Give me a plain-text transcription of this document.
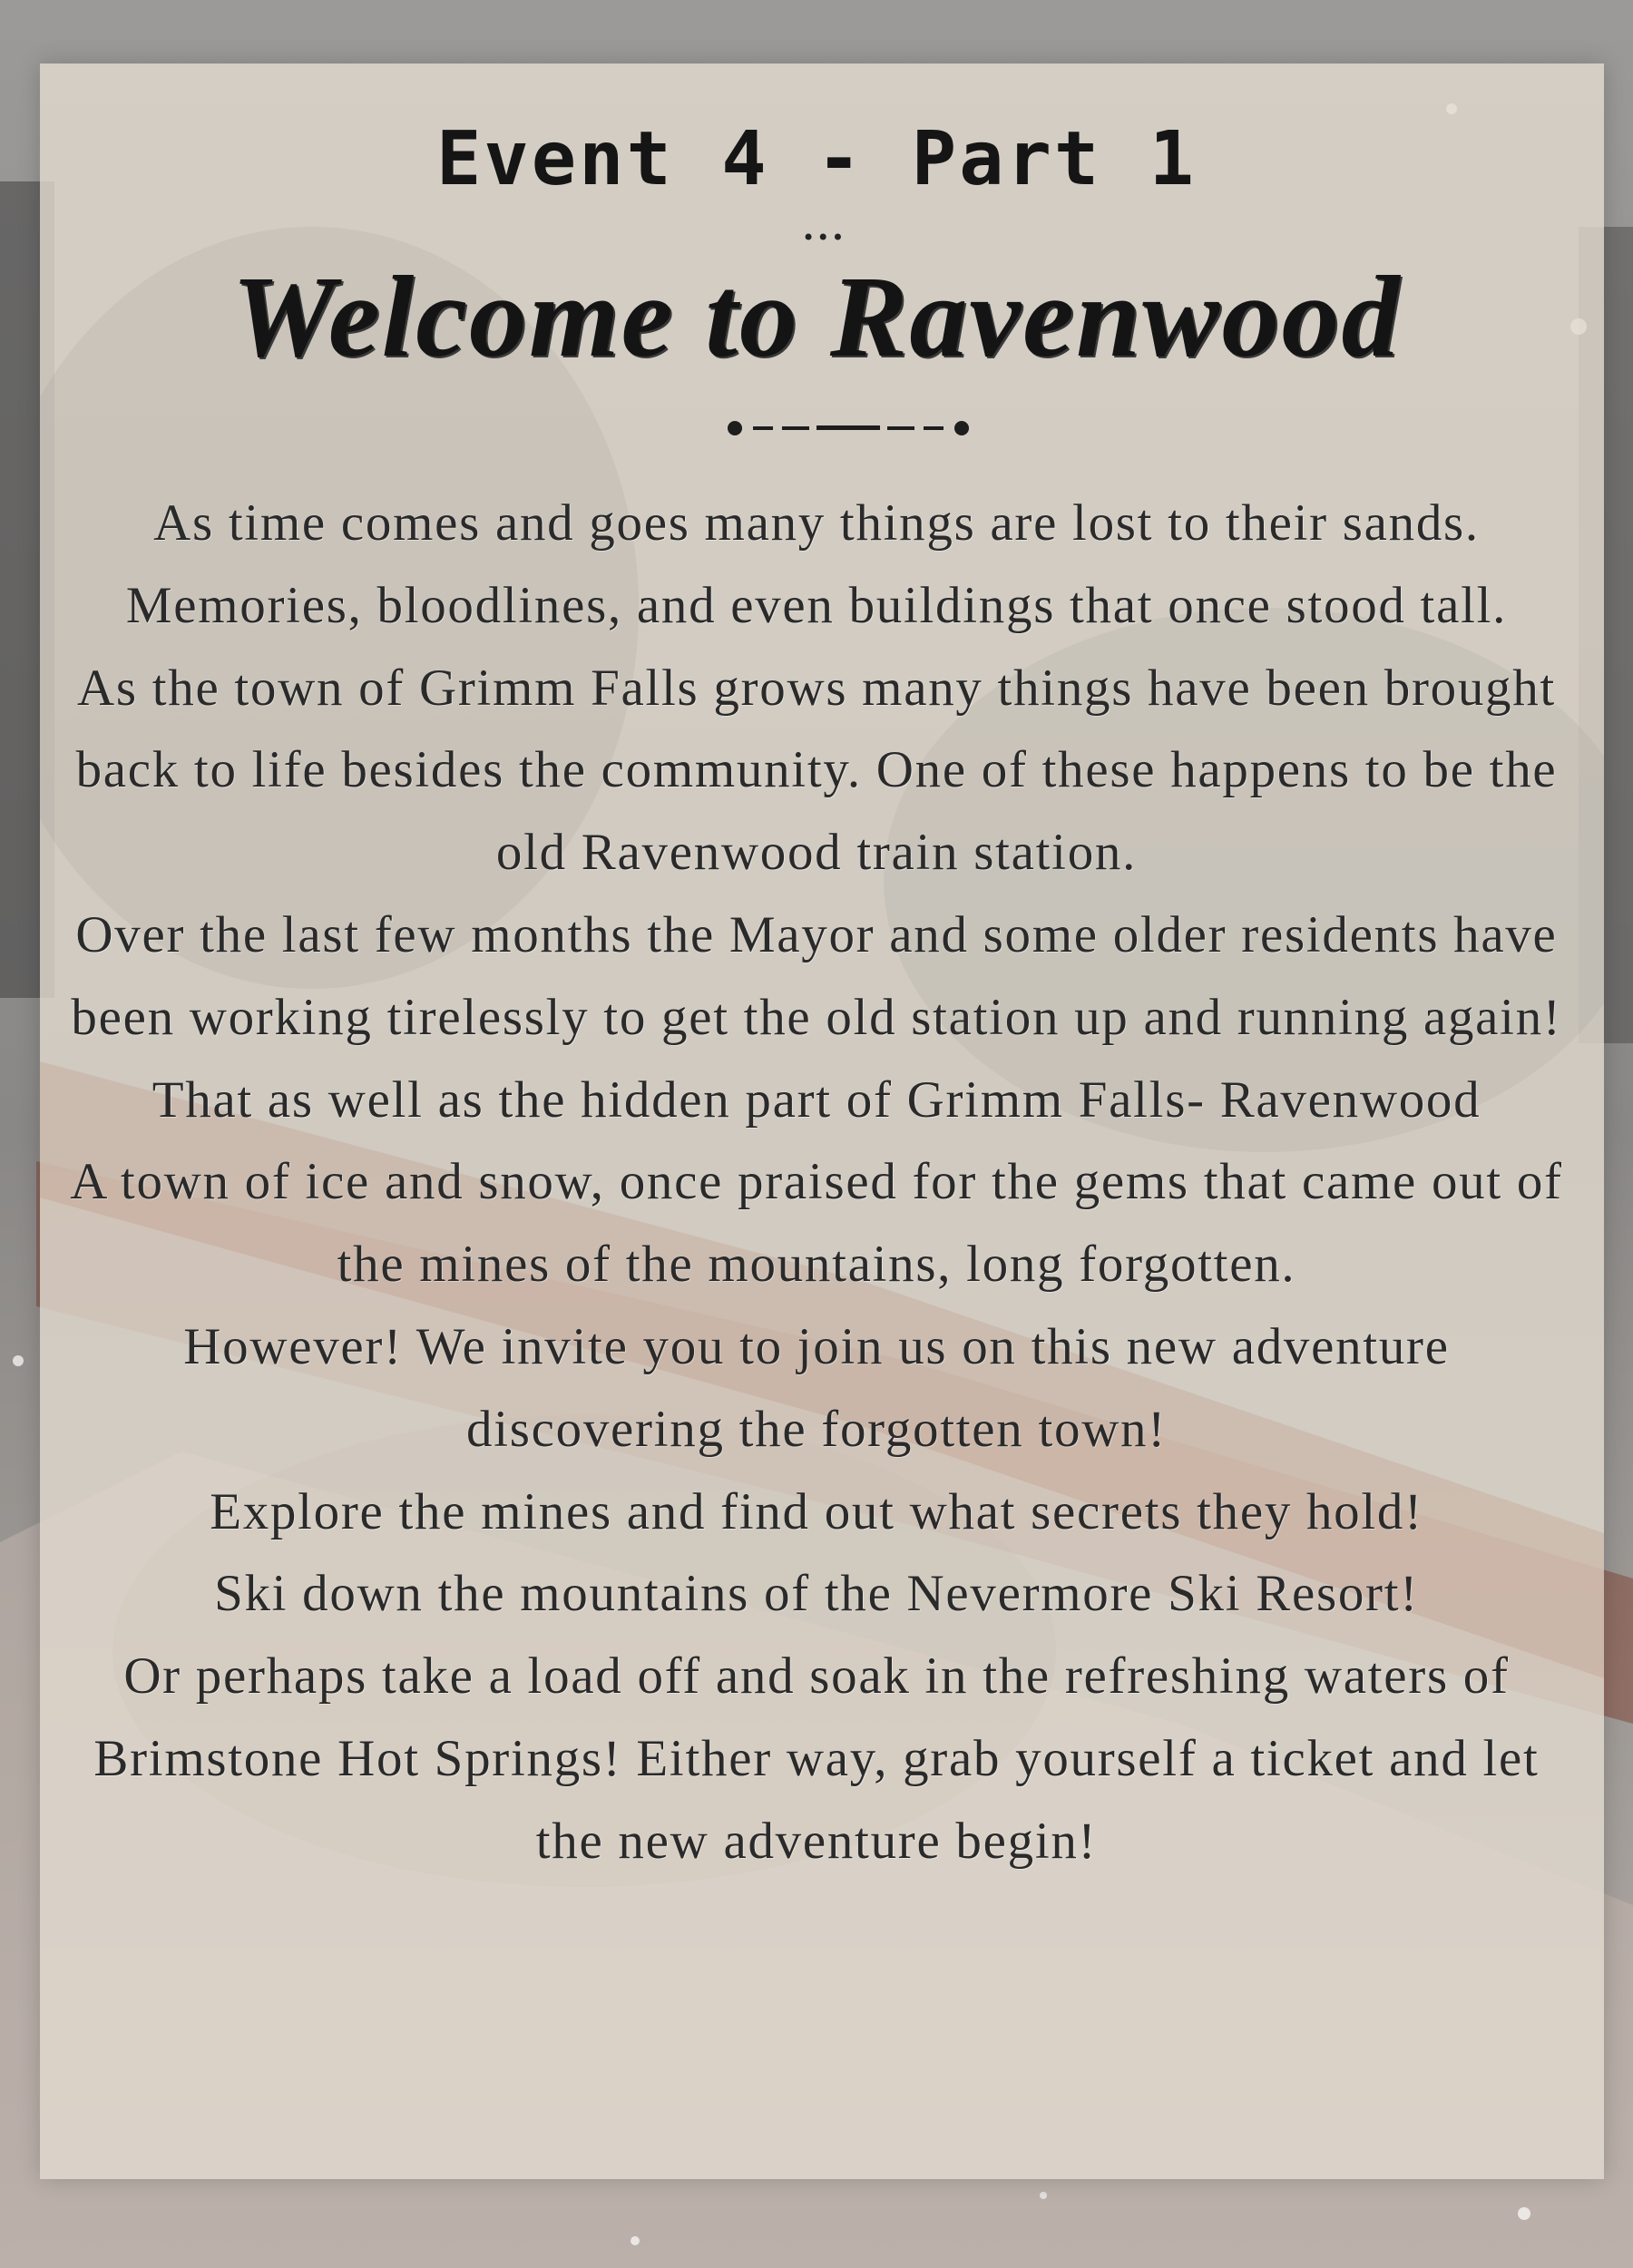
Event 4 - Part 1
•••
Welcome to Ravenwood

As time comes and goes many things are lost to their sands. Memories, bloodlines, and even buildings that once stood tall.

As the town of Grimm Falls grows many things have been brought back to life besides the community. One of these happens to be the old Ravenwood train station.

Over the last few months the Mayor and some older residents have been working tirelessly to get the old station up and running again!

That as well as the hidden part of Grimm Falls- Ravenwood

A town of ice and snow, once praised for the gems that came out of the mines of the mountains, long forgotten.

However! We invite you to join us on this new adventure discovering the forgotten town!

Explore the mines and find out what secrets they hold!

Ski down the mountains of the Nevermore Ski Resort!

Or perhaps take a load off and soak in the refreshing waters of Brimstone Hot Springs! Either way, grab yourself a ticket and let the new adventure begin!
